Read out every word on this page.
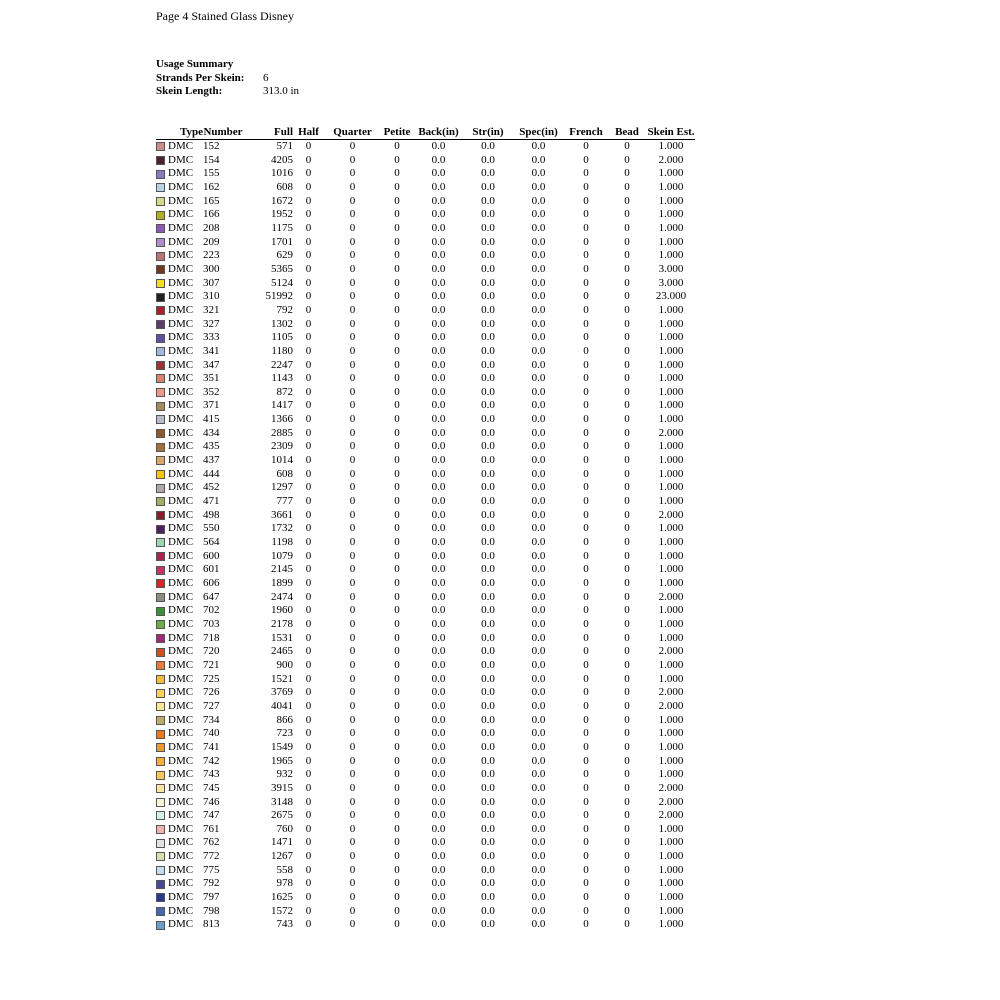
Page 4 Stained Glass Disney
Usage Summary
Strands Per Skein:	6
Skein Length:	313.0 in
Type	Number	Full	Half	Quarter	Petite	Back(in)	Str(in)	Spec(in)	French	Bead	Skein Est.

DMC	152	571	0	0	0	0.0	0.0	0.0	0	0	1.000

DMC	154	4205	0	0	0	0.0	0.0	0.0	0	0	2.000

DMC	155	1016	0	0	0	0.0	0.0	0.0	0	0	1.000

DMC	162	608	0	0	0	0.0	0.0	0.0	0	0	1.000

DMC	165	1672	0	0	0	0.0	0.0	0.0	0	0	1.000

DMC	166	1952	0	0	0	0.0	0.0	0.0	0	0	1.000

DMC	208	1175	0	0	0	0.0	0.0	0.0	0	0	1.000

DMC	209	1701	0	0	0	0.0	0.0	0.0	0	0	1.000

DMC	223	629	0	0	0	0.0	0.0	0.0	0	0	1.000

DMC	300	5365	0	0	0	0.0	0.0	0.0	0	0	3.000

DMC	307	5124	0	0	0	0.0	0.0	0.0	0	0	3.000

DMC	310	51992	0	0	0	0.0	0.0	0.0	0	0	23.000

DMC	321	792	0	0	0	0.0	0.0	0.0	0	0	1.000

DMC	327	1302	0	0	0	0.0	0.0	0.0	0	0	1.000

DMC	333	1105	0	0	0	0.0	0.0	0.0	0	0	1.000

DMC	341	1180	0	0	0	0.0	0.0	0.0	0	0	1.000

DMC	347	2247	0	0	0	0.0	0.0	0.0	0	0	1.000

DMC	351	1143	0	0	0	0.0	0.0	0.0	0	0	1.000

DMC	352	872	0	0	0	0.0	0.0	0.0	0	0	1.000

DMC	371	1417	0	0	0	0.0	0.0	0.0	0	0	1.000

DMC	415	1366	0	0	0	0.0	0.0	0.0	0	0	1.000

DMC	434	2885	0	0	0	0.0	0.0	0.0	0	0	2.000

DMC	435	2309	0	0	0	0.0	0.0	0.0	0	0	1.000

DMC	437	1014	0	0	0	0.0	0.0	0.0	0	0	1.000

DMC	444	608	0	0	0	0.0	0.0	0.0	0	0	1.000

DMC	452	1297	0	0	0	0.0	0.0	0.0	0	0	1.000

DMC	471	777	0	0	0	0.0	0.0	0.0	0	0	1.000

DMC	498	3661	0	0	0	0.0	0.0	0.0	0	0	2.000

DMC	550	1732	0	0	0	0.0	0.0	0.0	0	0	1.000

DMC	564	1198	0	0	0	0.0	0.0	0.0	0	0	1.000

DMC	600	1079	0	0	0	0.0	0.0	0.0	0	0	1.000

DMC	601	2145	0	0	0	0.0	0.0	0.0	0	0	1.000

DMC	606	1899	0	0	0	0.0	0.0	0.0	0	0	1.000

DMC	647	2474	0	0	0	0.0	0.0	0.0	0	0	2.000

DMC	702	1960	0	0	0	0.0	0.0	0.0	0	0	1.000

DMC	703	2178	0	0	0	0.0	0.0	0.0	0	0	1.000

DMC	718	1531	0	0	0	0.0	0.0	0.0	0	0	1.000

DMC	720	2465	0	0	0	0.0	0.0	0.0	0	0	2.000

DMC	721	900	0	0	0	0.0	0.0	0.0	0	0	1.000

DMC	725	1521	0	0	0	0.0	0.0	0.0	0	0	1.000

DMC	726	3769	0	0	0	0.0	0.0	0.0	0	0	2.000

DMC	727	4041	0	0	0	0.0	0.0	0.0	0	0	2.000

DMC	734	866	0	0	0	0.0	0.0	0.0	0	0	1.000

DMC	740	723	0	0	0	0.0	0.0	0.0	0	0	1.000

DMC	741	1549	0	0	0	0.0	0.0	0.0	0	0	1.000

DMC	742	1965	0	0	0	0.0	0.0	0.0	0	0	1.000

DMC	743	932	0	0	0	0.0	0.0	0.0	0	0	1.000

DMC	745	3915	0	0	0	0.0	0.0	0.0	0	0	2.000

DMC	746	3148	0	0	0	0.0	0.0	0.0	0	0	2.000

DMC	747	2675	0	0	0	0.0	0.0	0.0	0	0	2.000

DMC	761	760	0	0	0	0.0	0.0	0.0	0	0	1.000

DMC	762	1471	0	0	0	0.0	0.0	0.0	0	0	1.000

DMC	772	1267	0	0	0	0.0	0.0	0.0	0	0	1.000

DMC	775	558	0	0	0	0.0	0.0	0.0	0	0	1.000

DMC	792	978	0	0	0	0.0	0.0	0.0	0	0	1.000

DMC	797	1625	0	0	0	0.0	0.0	0.0	0	0	1.000

DMC	798	1572	0	0	0	0.0	0.0	0.0	0	0	1.000

DMC	813	743	0	0	0	0.0	0.0	0.0	0	0	1.000
